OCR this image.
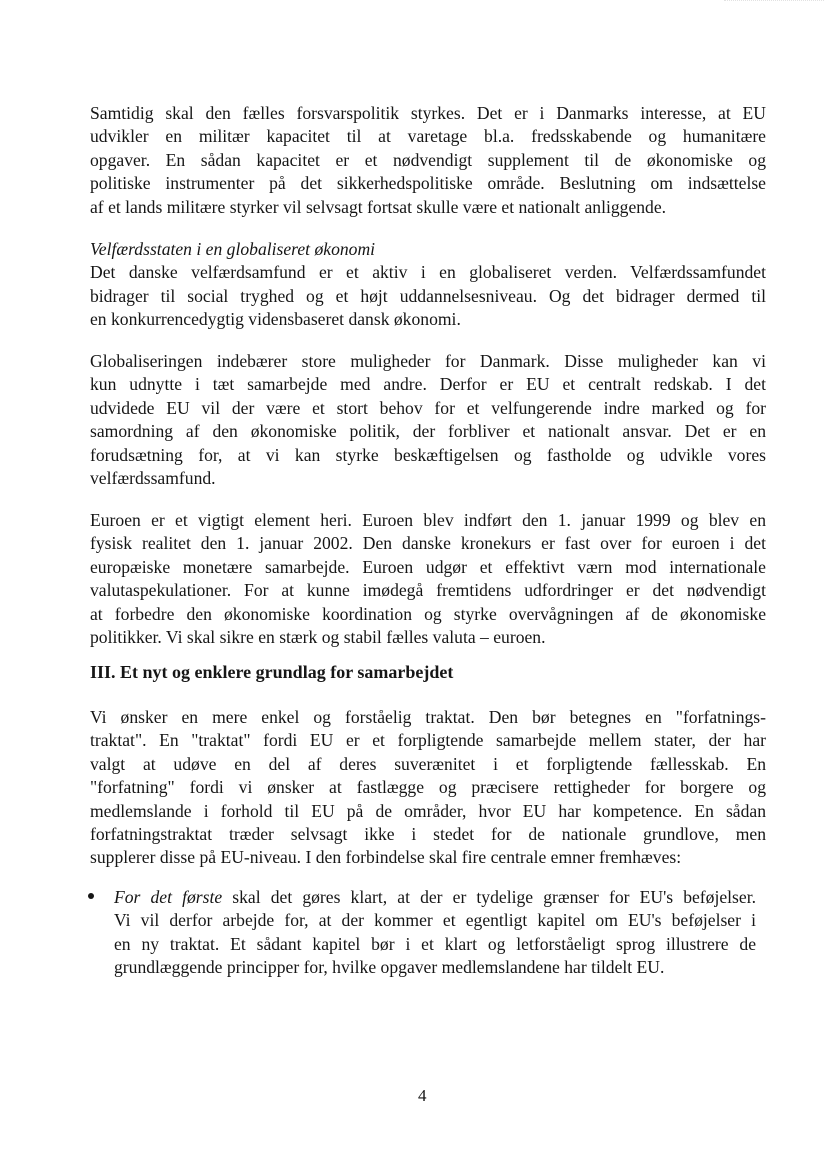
Samtidig skal den fælles forsvarspolitik styrkes. Det er i Danmarks interesse, at EU
udvikler en militær kapacitet til at varetage bl.a. fredsskabende og humanitære
opgaver. En sådan kapacitet er et nødvendigt supplement til de økonomiske og
politiske instrumenter på det sikkerhedspolitiske område. Beslutning om indsættelse
af et lands militære styrker vil selvsagt fortsat skulle være et nationalt anliggende.
Velfærdsstaten i en globaliseret økonomi
Det danske velfærdsamfund er et aktiv i en globaliseret verden. Velfærdssamfundet
bidrager til social tryghed og et højt uddannelsesniveau. Og det bidrager dermed til
en konkurrencedygtig vidensbaseret dansk økonomi.
Globaliseringen indebærer store muligheder for Danmark. Disse muligheder kan vi
kun udnytte i tæt samarbejde med andre. Derfor er EU et centralt redskab. I det
udvidede EU vil der være et stort behov for et velfungerende indre marked og for
samordning af den økonomiske politik, der forbliver et nationalt ansvar. Det er en
forudsætning for, at vi kan styrke beskæftigelsen og fastholde og udvikle vores
velfærdssamfund.
Euroen er et vigtigt element heri. Euroen blev indført den 1. januar 1999 og blev en
fysisk realitet den 1. januar 2002. Den danske kronekurs er fast over for euroen i det
europæiske monetære samarbejde. Euroen udgør et effektivt værn mod internationale
valutaspekulationer. For at kunne imødegå fremtidens udfordringer er det nødvendigt
at forbedre den økonomiske koordination og styrke overvågningen af de økonomiske
politikker. Vi skal sikre en stærk og stabil fælles valuta – euroen.
III. Et nyt og enklere grundlag for samarbejdet
Vi ønsker en mere enkel og forståelig traktat. Den bør betegnes en "forfatnings-
traktat". En "traktat" fordi EU er et forpligtende samarbejde mellem stater, der har
valgt at udøve en del af deres suverænitet i et forpligtende fællesskab. En
"forfatning" fordi vi ønsker at fastlægge og præcisere rettigheder for borgere og
medlemslande i forhold til EU på de områder, hvor EU har kompetence. En sådan
forfatningstraktat træder selvsagt ikke i stedet for de nationale grundlove, men
supplerer disse på EU-niveau. I den forbindelse skal fire centrale emner fremhæves:
For det første skal det gøres klart, at der er tydelige grænser for EU's beføjelser.
Vi vil derfor arbejde for, at der kommer et egentligt kapitel om EU's beføjelser i
en ny traktat. Et sådant kapitel bør i et klart og letforståeligt sprog illustrere de
grundlæggende principper for, hvilke opgaver medlemslandene har tildelt EU.
4
